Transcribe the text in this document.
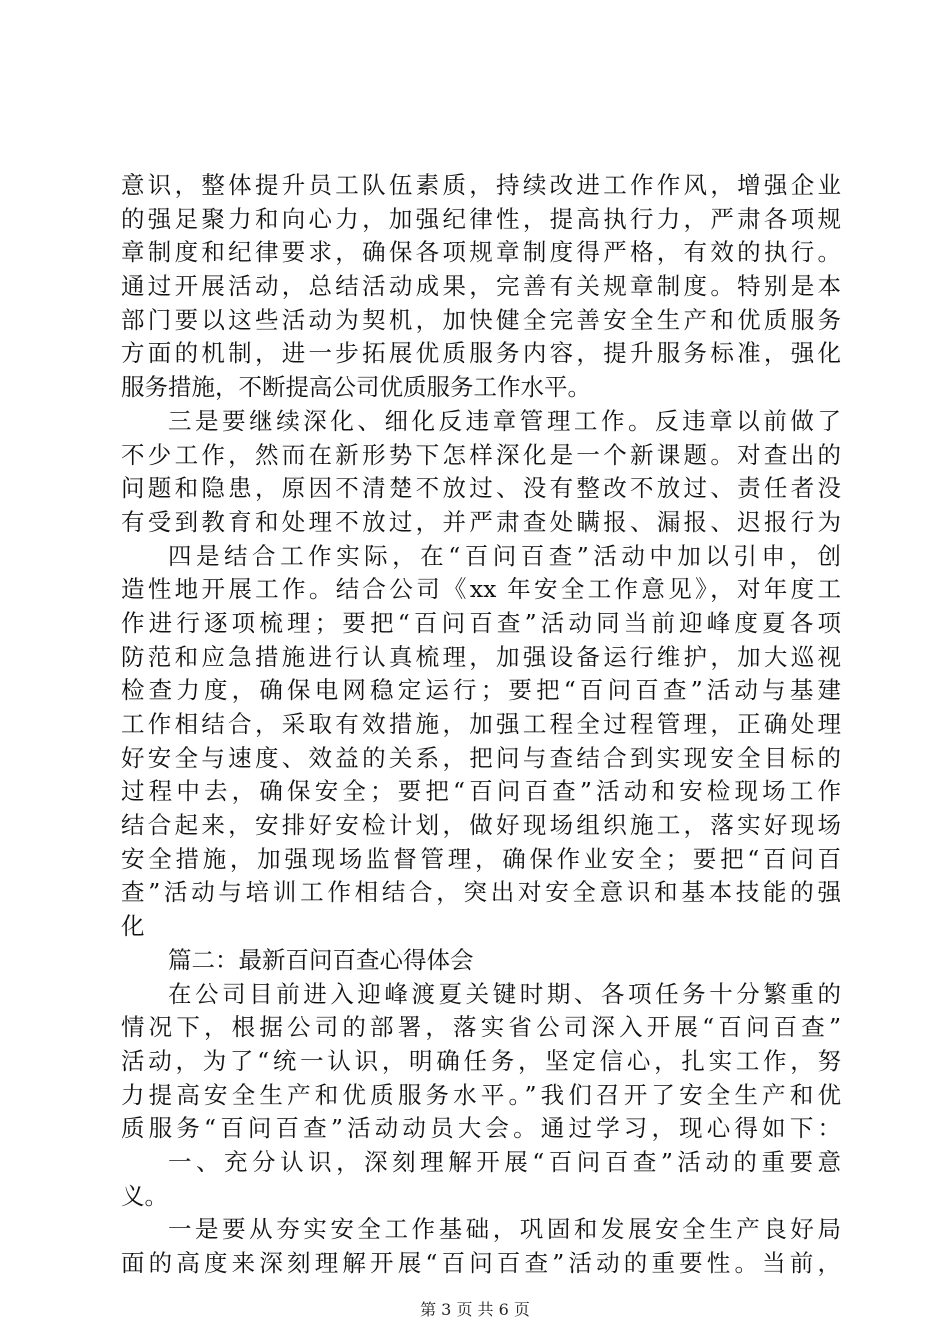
意识，整体提升员工队伍素质，持续改进工作作风，增强企业
的强足聚力和向心力，加强纪律性，提高执行力，严肃各项规
章制度和纪律要求，确保各项规章制度得严格，有效的执行。
通过开展活动，总结活动成果，完善有关规章制度。特别是本
部门要以这些活动为契机，加快健全完善安全生产和优质服务
方面的机制，进一步拓展优质服务内容，提升服务标准，强化
服务措施，不断提高公司优质服务工作水平。
三是要继续深化、细化反违章管理工作。反违章以前做了
不少工作，然而在新形势下怎样深化是一个新课题。对查出的
问题和隐患，原因不清楚不放过、没有整改不放过、责任者没
有受到教育和处理不放过，并严肃查处瞒报、漏报、迟报行为
四是结合工作实际，在“百问百查”活动中加以引申，创
造性地开展工作。结合公司《xx 年安全工作意见》，对年度工
作进行逐项梳理；要把“百问百查”活动同当前迎峰度夏各项
防范和应急措施进行认真梳理，加强设备运行维护，加大巡视
检查力度，确保电网稳定运行；要把“百问百查”活动与基建
工作相结合，采取有效措施，加强工程全过程管理，正确处理
好安全与速度、效益的关系，把问与查结合到实现安全目标的
过程中去，确保安全；要把“百问百查”活动和安检现场工作
结合起来，安排好安检计划，做好现场组织施工，落实好现场
安全措施，加强现场监督管理，确保作业安全；要把“百问百
查”活动与培训工作相结合，突出对安全意识和基本技能的强
化
篇二：最新百问百查心得体会
在公司目前进入迎峰渡夏关键时期、各项任务十分繁重的
情况下，根据公司的部署，落实省公司深入开展“百问百查”
活动，为了“统一认识，明确任务，坚定信心，扎实工作，努
力提高安全生产和优质服务水平。”我们召开了安全生产和优
质服务“百问百查”活动动员大会。通过学习，现心得如下：
一、充分认识，深刻理解开展“百问百查”活动的重要意
义。
一是要从夯实安全工作基础，巩固和发展安全生产良好局
面的高度来深刻理解开展“百问百查”活动的重要性。当前，
第 3 页 共 6 页
